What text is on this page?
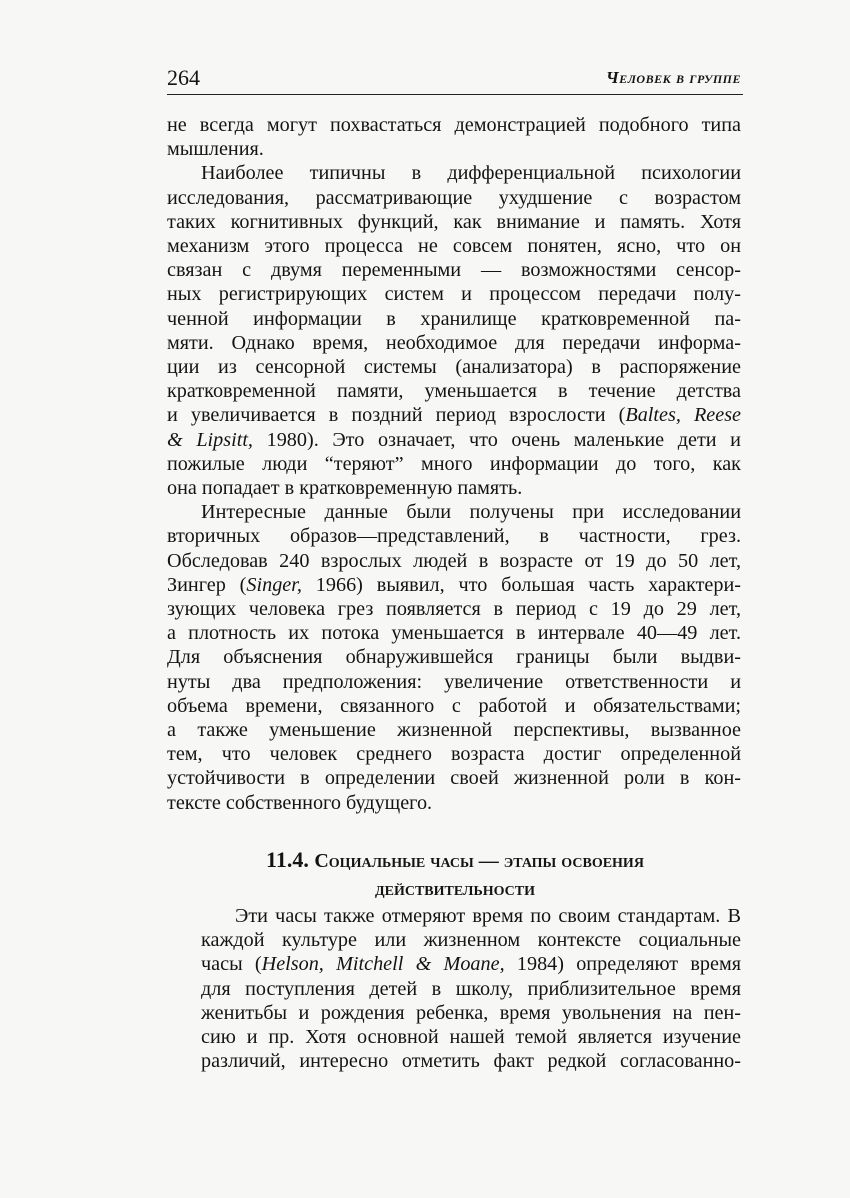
264	Человек в группе

не всегда могут похвастаться демонстрацией подобного типа
мышления.

Наиболее типичны в дифференциальной психологии
исследования, рассматривающие ухудшение с возрастом
таких когнитивных функций, как внимание и память. Хотя
механизм этого процесса не совсем понятен, ясно, что он
связан с двумя переменными — возможностями сенсор-
ных регистрирующих систем и процессом передачи полу-
ченной информации в хранилище кратковременной па-
мяти. Однако время, необходимое для передачи информа-
ции из сенсорной системы (анализатора) в распоряжение
кратковременной памяти, уменьшается в течение детства
и увеличивается в поздний период взрослости (Baltes, Reese
& Lipsitt, 1980). Это означает, что очень маленькие дети и
пожилые люди “теряют” много информации до того, как
она попадает в кратковременную память.

Интересные данные были получены при исследовании
вторичных образов—представлений, в частности, грез.
Обследовав 240 взрослых людей в возрасте от 19 до 50 лет,
Зингер (Singer, 1966) выявил, что большая часть характери-
зующих человека грез появляется в период с 19 до 29 лет,
а плотность их потока уменьшается в интервале 40—49 лет.
Для объяснения обнаружившейся границы были выдви-
нуты два предположения: увеличение ответственности и
объема времени, связанного с работой и обязательствами;
а также уменьшение жизненной перспективы, вызванное
тем, что человек среднего возраста достиг определенной
устойчивости в определении своей жизненной роли в кон-
тексте собственного будущего.

11.4. Социальные часы — этапы освоения
действительности

Эти часы также отмеряют время по своим стандартам. В
каждой культуре или жизненном контексте социальные
часы (Helson, Mitchell & Moane, 1984) определяют время
для поступления детей в школу, приблизительное время
женитьбы и рождения ребенка, время увольнения на пен-
сию и пр. Хотя основной нашей темой является изучение
различий, интересно отметить факт редкой согласованно-
